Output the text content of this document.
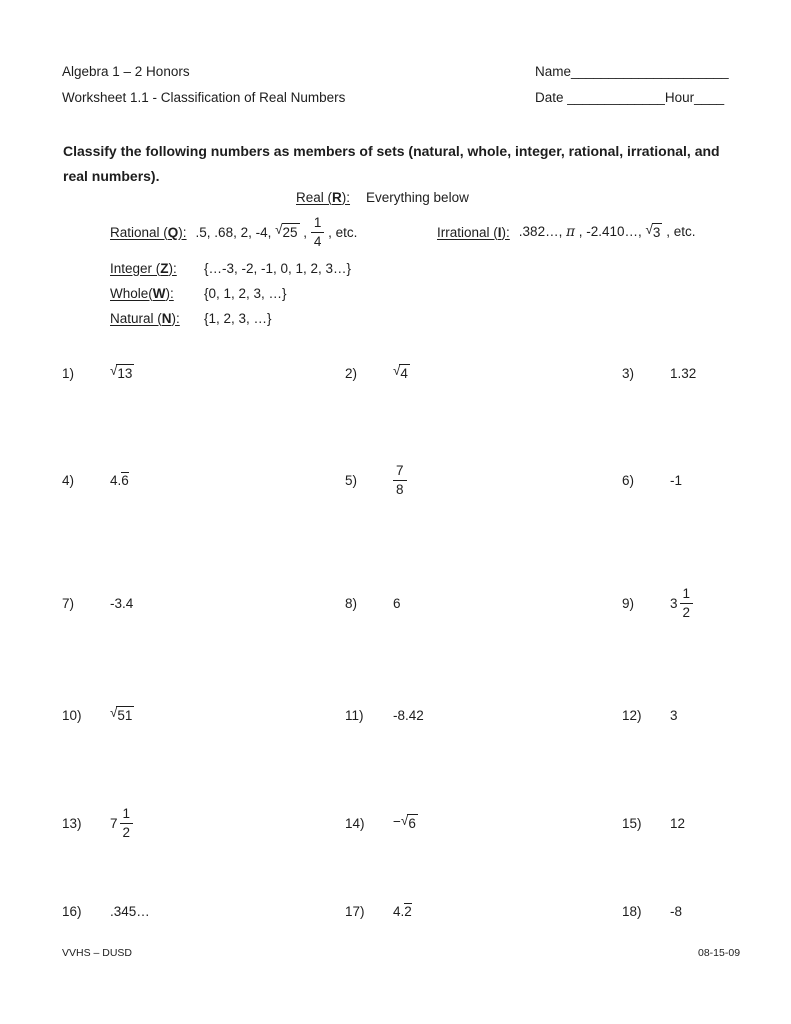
Algebra 1 – 2 Honors
Worksheet 1.1 - Classification of Real Numbers
Name_____________________
Date _____________Hour____
Classify the following numbers as members of sets (natural, whole, integer, rational, irrational, and real numbers).
Real (R): Everything below
Rational (Q): .5, .68, 2, -4, √ 25 , $\frac{1}{4}$ , etc.	Irrational (I): .382…, π , -2.410…, √ 3 , etc.
Integer (Z):	{…-3, -2, -1, 0, 1, 2, 3…}
Whole(W):	{0, 1, 2, 3, …}
Natural (N):	{1, 2, 3, …}
1)	√ 13	2)	√ 4	3)	1.32
4)	4.6	5)	$\frac{7}{8}$	6)	-1
7)	-3.4	8)	6	9)	$3 \frac{1}{2}$
10)	√ 51	11)	-8.42	12)	3
13)	$7 \frac{1}{2}$	14)	− √ 6	15)	12
16)	.345…	17)	4.2	18)	-8
VVHS – DUSD	08-15-09
